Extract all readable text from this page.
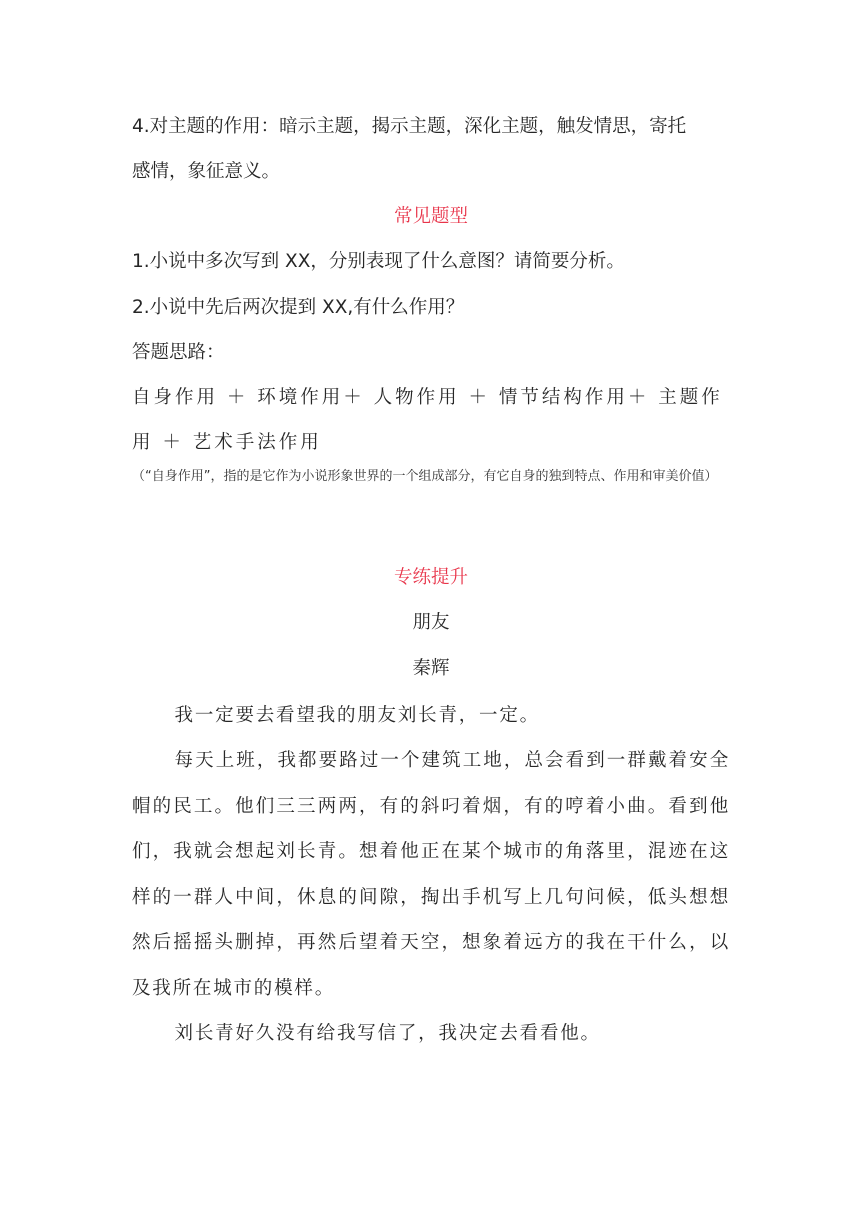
4.对主题的作用：暗示主题，揭示主题，深化主题，触发情思，寄托

感情，象征意义。

常见题型

1.小说中多次写到 XX，分别表现了什么意图？请简要分析。

2.小说中先后两次提到 XX,有什么作用？

答题思路：

自身作用 ＋ 环境作用＋ 人物作用 ＋ 情节结构作用＋ 主题作

用 ＋ 艺术手法作用

（“自身作用”，指的是它作为小说形象世界的一个组成部分，有它自身的独到特点、作用和审美价值）

专练提升

朋友

秦辉

我一定要去看望我的朋友刘长青，一定。

每天上班，我都要路过一个建筑工地，总会看到一群戴着安全帽的民工。他们三三两两，有的斜叼着烟，有的哼着小曲。看到他们，我就会想起刘长青。想着他正在某个城市的角落里，混迹在这样的一群人中间，休息的间隙，掏出手机写上几句问候，低头想想然后摇摇头删掉，再然后望着天空，想象着远方的我在干什么，以及我所在城市的模样。

刘长青好久没有给我写信了，我决定去看看他。
